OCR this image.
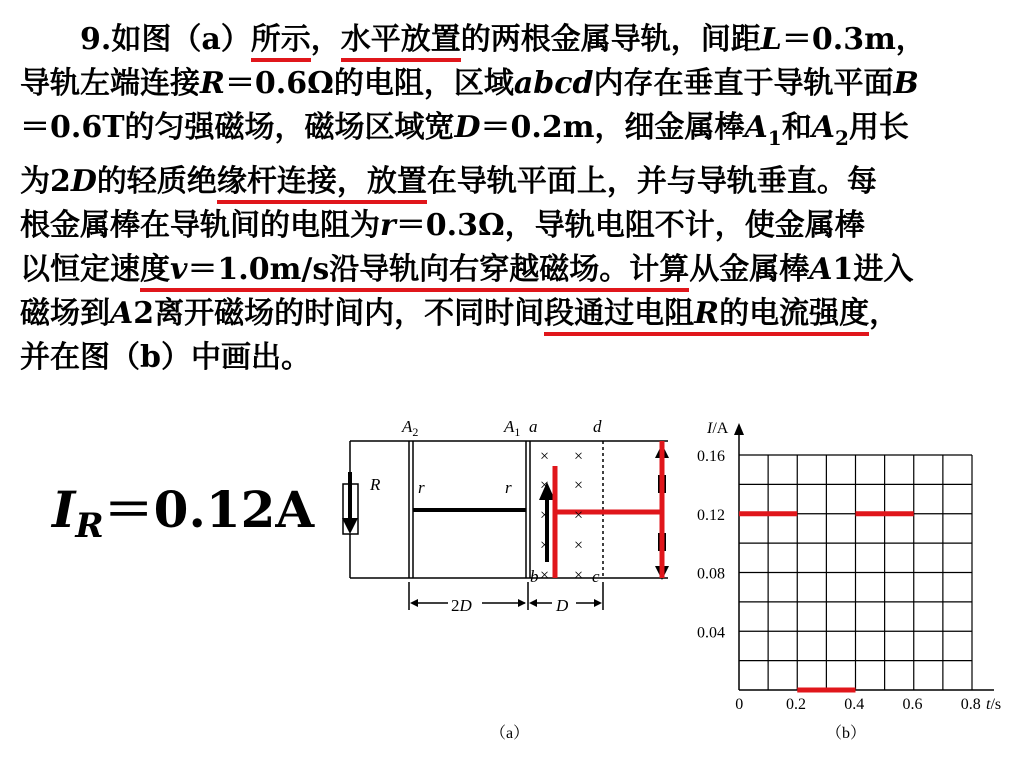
9.如图（a）所示，水平放置的两根金属导轨，间距L＝0.3m，

导轨左端连接R＝0.6Ω的电阻，区域abcd内存在垂直于导轨平面B

＝0.6T的匀强磁场，磁场区域宽D＝0.2m，细金属棒$A_1$和$A_2$用长

为2D的轻质绝缘杆连接，放置在导轨平面上，并与导轨垂直。每

根金属棒在导轨间的电阻为r＝0.3Ω，导轨电阻不计，使金属棒

以恒定速度v＝1.0m/s沿导轨向右穿越磁场。计算从金属棒A1进入

磁场到A2离开磁场的时间内，不同时间段通过电阻R的电流强度，

并在图（b）中画出。

$I_R=0.12A$
$A_2$	$A_1$ a	d
R r	r
b	c
2D	D
× ×
× ×
× ×
× ×
× ×
（a）
0.04
0.08
0.12
0.16
0	0.2 0.4 0.6 0.8
I/A
t/s
（b）
